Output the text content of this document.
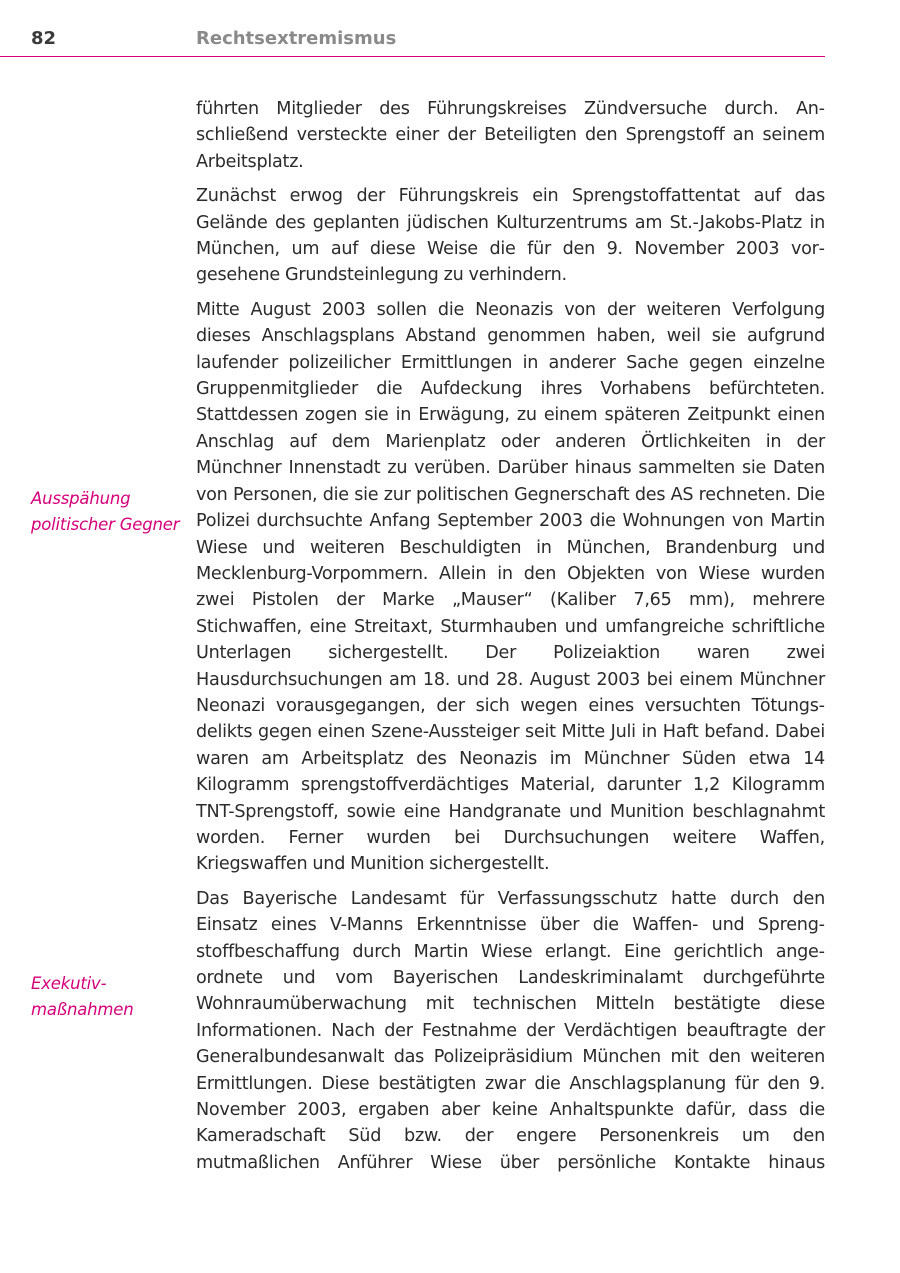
82	Rechtsextremismus
Ausspähung politischer Gegner
Exekutivmaßnahmen

führten Mitglieder des Führungskreises Zündversuche durch. Anschließend versteckte einer der Beteiligten den Sprengstoff an seinem Arbeitsplatz.

Zunächst erwog der Führungskreis ein Sprengstoffattentat auf das Gelände des geplanten jüdischen Kulturzentrums am St.-Jakobs-Platz in München, um auf diese Weise die für den 9. November 2003 vorgesehene Grundsteinlegung zu verhindern.

Mitte August 2003 sollen die Neonazis von der weiteren Verfolgung dieses Anschlagsplans Abstand genommen haben, weil sie aufgrund laufender polizeilicher Ermittlungen in anderer Sache gegen einzelne Gruppenmitglieder die Aufdeckung ihres Vorhabens befürchteten. Stattdessen zogen sie in Erwägung, zu einem späteren Zeitpunkt einen Anschlag auf dem Marienplatz oder anderen Örtlichkeiten in der Münchner Innenstadt zu verüben. Darüber hinaus sammelten sie Daten von Personen, die sie zur politischen Gegnerschaft des AS rechneten. Die Polizei durchsuchte Anfang September 2003 die Wohnungen von Martin Wiese und weiteren Beschuldigten in München, Brandenburg und Mecklenburg-Vorpommern. Allein in den Objekten von Wiese wurden zwei Pistolen der Marke „Mauser“ (Kaliber 7,65 mm), mehrere Stichwaffen, eine Streitaxt, Sturmhauben und umfangreiche schriftliche Unterlagen sichergestellt. Der Polizeiaktion waren zwei Hausdurchsuchungen am 18. und 28. August 2003 bei einem Münchner Neonazi vorausgegangen, der sich wegen eines versuchten Tötungsdelikts gegen einen Szene-Aussteiger seit Mitte Juli in Haft befand. Dabei waren am Arbeitsplatz des Neonazis im Münchner Süden etwa 14 Kilogramm sprengstoffverdächtiges Material, darunter 1,2 Kilogramm TNT-Sprengstoff, sowie eine Handgranate und Munition beschlagnahmt worden. Ferner wurden bei Durchsuchungen weitere Waffen, Kriegswaffen und Munition sichergestellt.

Das Bayerische Landesamt für Verfassungsschutz hatte durch den Einsatz eines V-Manns Erkenntnisse über die Waffen- und Sprengstoffbeschaffung durch Martin Wiese erlangt. Eine gerichtlich angeordnete und vom Bayerischen Landeskriminalamt durchgeführte Wohnraumüberwachung mit technischen Mitteln bestätigte diese Informationen. Nach der Festnahme der Verdächtigen beauftragte der Generalbundesanwalt das Polizeipräsidium München mit den weiteren Ermittlungen. Diese bestätigten zwar die Anschlagsplanung für den 9. November 2003, ergaben aber keine Anhaltspunkte dafür, dass die Kameradschaft Süd bzw. der engere Personenkreis um den mutmaßlichen Anführer Wiese über persönliche Kontakte hinaus
